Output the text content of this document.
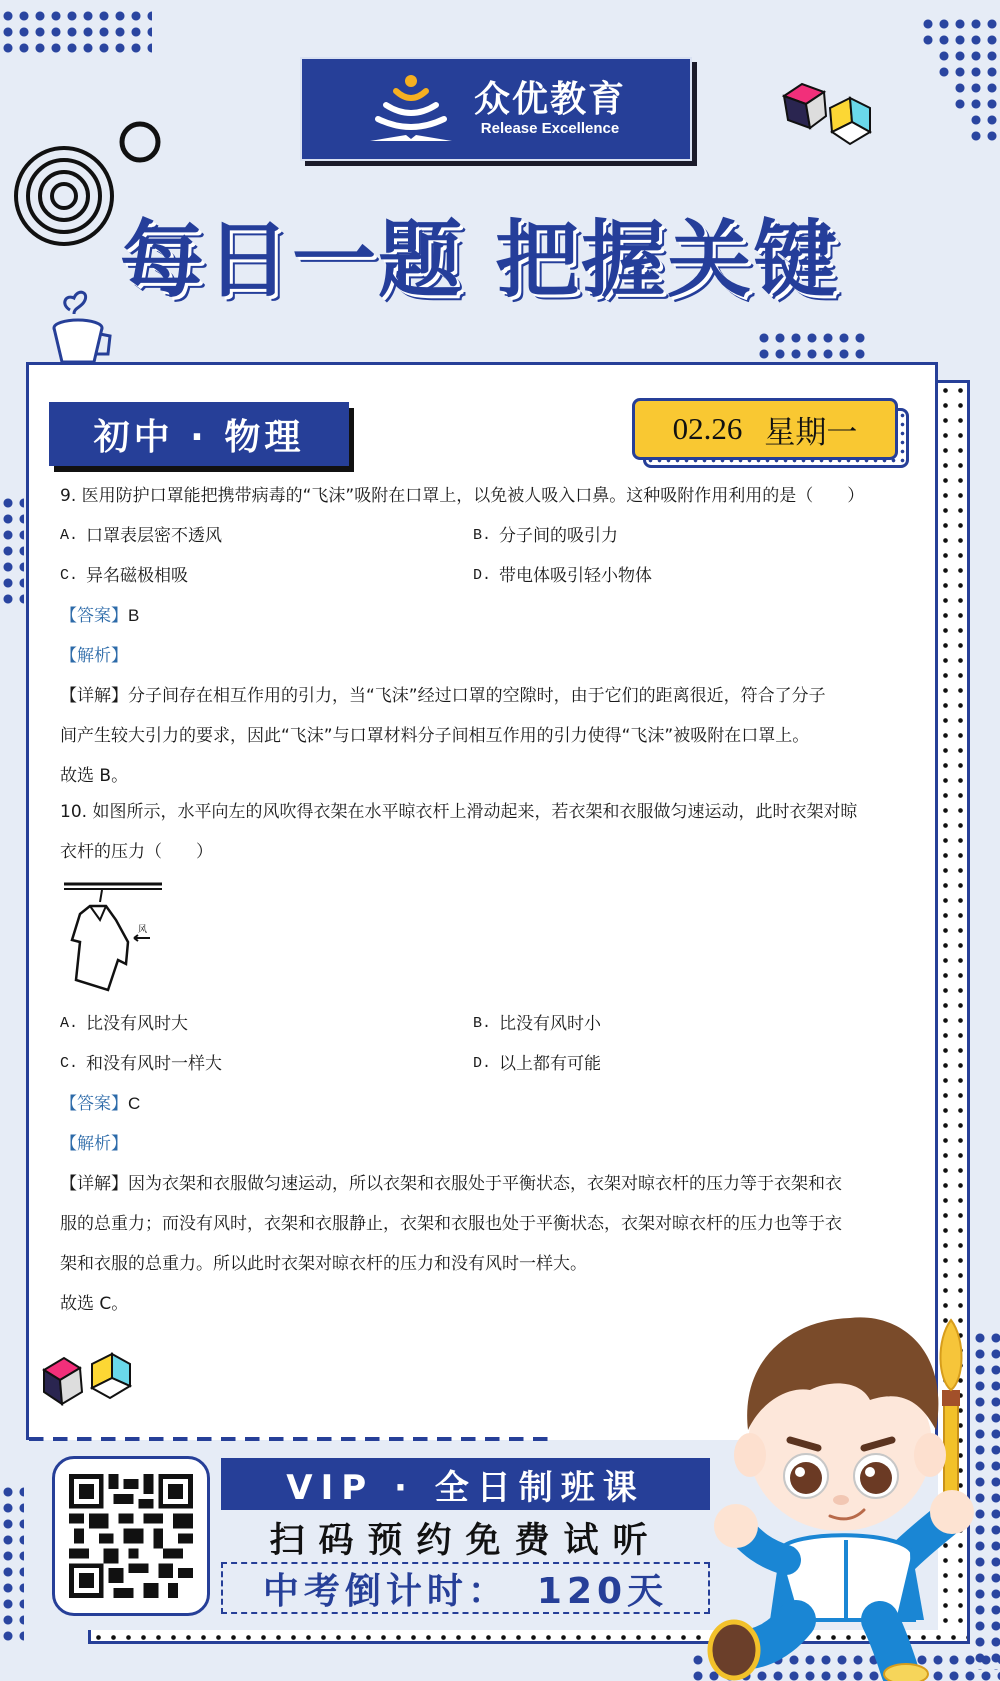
众优教育
Release Excellence
每日一题 把握关键
初中 · 物理	02.26 星期一
9. 医用防护口罩能把携带病毒的“飞沫”吸附在口罩上，以免被人吸入口鼻。这种吸附作用利用的是（　　）
A. 口罩表层密不透风	B. 分子间的吸引力
C. 异名磁极相吸	D. 带电体吸引轻小物体
【答案】B
【解析】
【详解】分子间存在相互作用的引力，当“飞沫”经过口罩的空隙时，由于它们的距离很近，符合了分子
间产生较大引力的要求，因此“飞沫”与口罩材料分子间相互作用的引力使得“飞沫”被吸附在口罩上。
故选 B。
10. 如图所示，水平向左的风吹得衣架在水平晾衣杆上滑动起来，若衣架和衣服做匀速运动，此时衣架对晾
衣杆的压力（　　）
风
A. 比没有风时大	B. 比没有风时小
C. 和没有风时一样大	D. 以上都有可能
【答案】C
【解析】
【详解】因为衣架和衣服做匀速运动，所以衣架和衣服处于平衡状态，衣架对晾衣杆的压力等于衣架和衣
服的总重力；而没有风时，衣架和衣服静止，衣架和衣服也处于平衡状态，衣架对晾衣杆的压力也等于衣
架和衣服的总重力。所以此时衣架对晾衣杆的压力和没有风时一样大。
故选 C。
VIP · 全日制班课
扫码预约免费试听
中考倒计时： 120天
